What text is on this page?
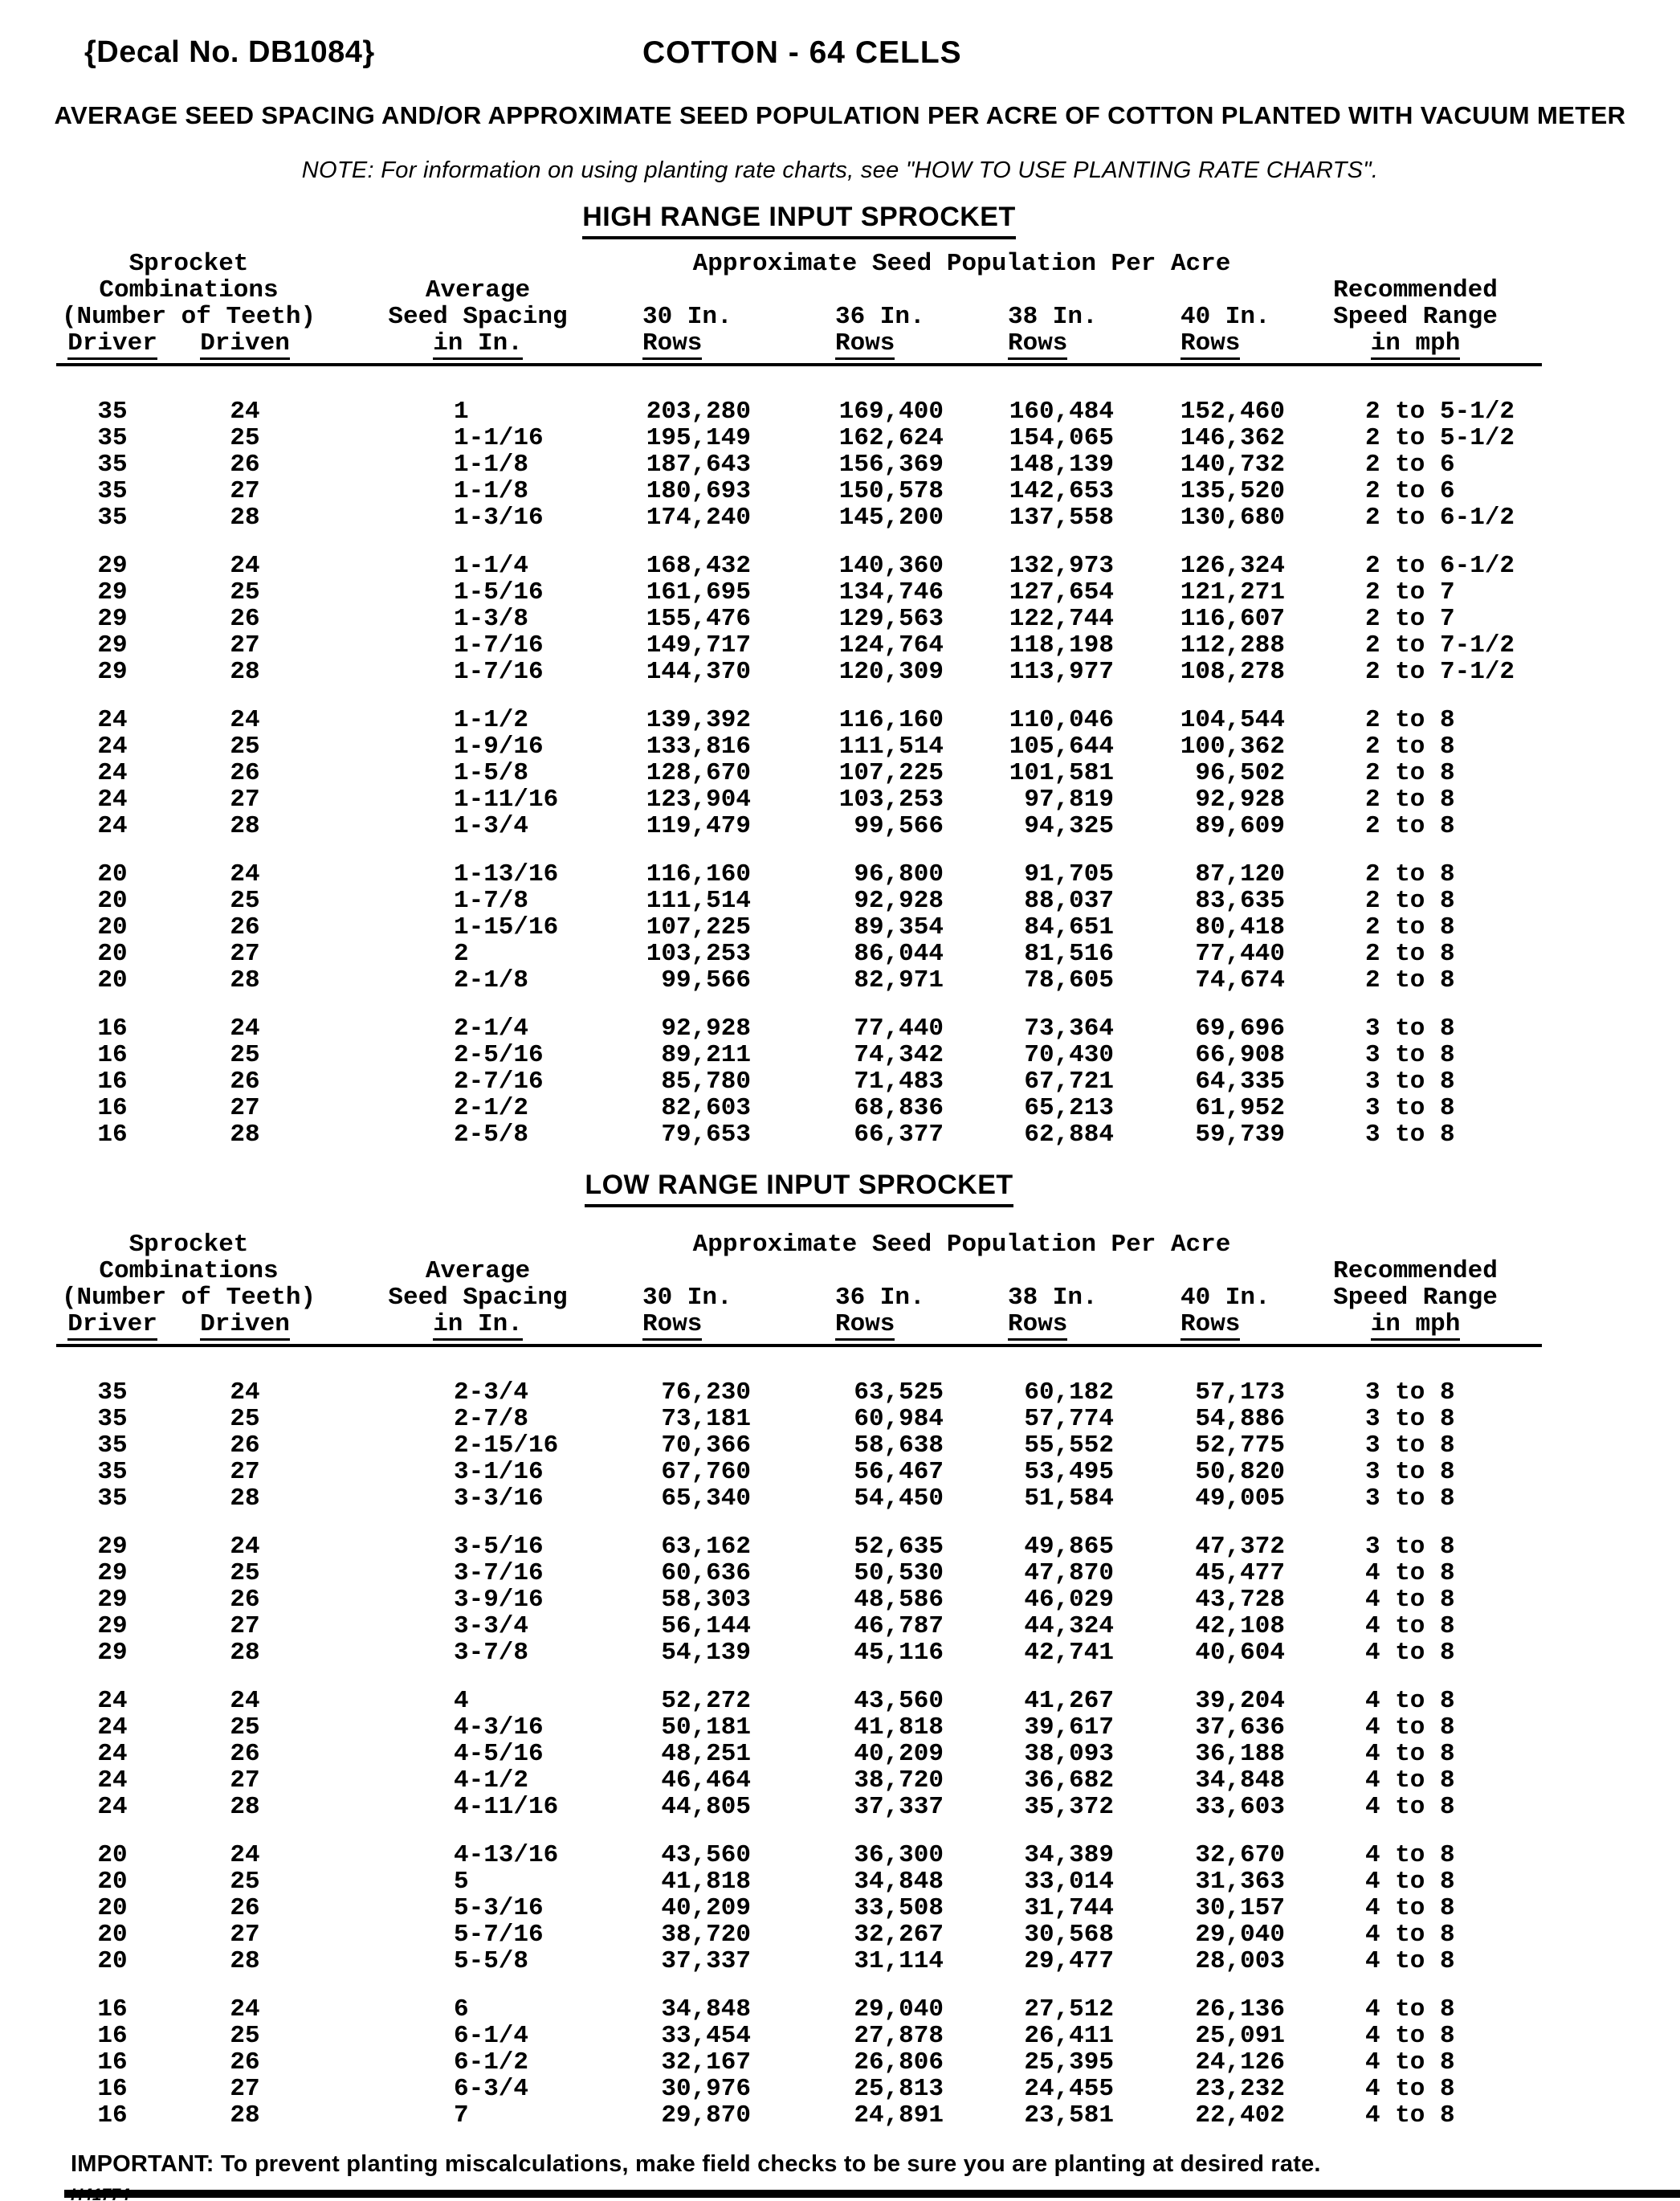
{Decal No. DB1084}	COTTON - 64 CELLS
AVERAGE SEED SPACING AND/OR APPROXIMATE SEED POPULATION PER ACRE OF COTTON PLANTED WITH VACUUM METER
NOTE: For information on using planting rate charts, see "HOW TO USE PLANTING RATE CHARTS".
HIGH RANGE INPUT SPROCKET
Sprocket	Approximate Seed Population Per Acre
Combinations	Average	Recommended
(Number of Teeth)	Seed Spacing	30 In.	36 In.	38 In.	40 In.	Speed Range
Driver	Driven	in In.	Rows	Rows	Rows	Rows	in mph
35	24	1	203,280	169,400	160,484	152,460	2 to 5-1/2
35	25	1-1/16	195,149	162,624	154,065	146,362	2 to 5-1/2
35	26	1-1/8	187,643	156,369	148,139	140,732	2 to 6
35	27	1-1/8	180,693	150,578	142,653	135,520	2 to 6
35	28	1-3/16	174,240	145,200	137,558	130,680	2 to 6-1/2
29	24	1-1/4	168,432	140,360	132,973	126,324	2 to 6-1/2
29	25	1-5/16	161,695	134,746	127,654	121,271	2 to 7
29	26	1-3/8	155,476	129,563	122,744	116,607	2 to 7
29	27	1-7/16	149,717	124,764	118,198	112,288	2 to 7-1/2
29	28	1-7/16	144,370	120,309	113,977	108,278	2 to 7-1/2
24	24	1-1/2	139,392	116,160	110,046	104,544	2 to 8
24	25	1-9/16	133,816	111,514	105,644	100,362	2 to 8
24	26	1-5/8	128,670	107,225	101,581	96,502	2 to 8
24	27	1-11/16	123,904	103,253	97,819	92,928	2 to 8
24	28	1-3/4	119,479	99,566	94,325	89,609	2 to 8
20	24	1-13/16	116,160	96,800	91,705	87,120	2 to 8
20	25	1-7/8	111,514	92,928	88,037	83,635	2 to 8
20	26	1-15/16	107,225	89,354	84,651	80,418	2 to 8
20	27	2	103,253	86,044	81,516	77,440	2 to 8
20	28	2-1/8	99,566	82,971	78,605	74,674	2 to 8
16	24	2-1/4	92,928	77,440	73,364	69,696	3 to 8
16	25	2-5/16	89,211	74,342	70,430	66,908	3 to 8
16	26	2-7/16	85,780	71,483	67,721	64,335	3 to 8
16	27	2-1/2	82,603	68,836	65,213	61,952	3 to 8
16	28	2-5/8	79,653	66,377	62,884	59,739	3 to 8
LOW RANGE INPUT SPROCKET
Sprocket	Approximate Seed Population Per Acre
Combinations	Average	Recommended
(Number of Teeth)	Seed Spacing	30 In.	36 In.	38 In.	40 In.	Speed Range
Driver	Driven	in In.	Rows	Rows	Rows	Rows	in mph
35	24	2-3/4	76,230	63,525	60,182	57,173	3 to 8
35	25	2-7/8	73,181	60,984	57,774	54,886	3 to 8
35	26	2-15/16	70,366	58,638	55,552	52,775	3 to 8
35	27	3-1/16	67,760	56,467	53,495	50,820	3 to 8
35	28	3-3/16	65,340	54,450	51,584	49,005	3 to 8
29	24	3-5/16	63,162	52,635	49,865	47,372	3 to 8
29	25	3-7/16	60,636	50,530	47,870	45,477	4 to 8
29	26	3-9/16	58,303	48,586	46,029	43,728	4 to 8
29	27	3-3/4	56,144	46,787	44,324	42,108	4 to 8
29	28	3-7/8	54,139	45,116	42,741	40,604	4 to 8
24	24	4	52,272	43,560	41,267	39,204	4 to 8
24	25	4-3/16	50,181	41,818	39,617	37,636	4 to 8
24	26	4-5/16	48,251	40,209	38,093	36,188	4 to 8
24	27	4-1/2	46,464	38,720	36,682	34,848	4 to 8
24	28	4-11/16	44,805	37,337	35,372	33,603	4 to 8
20	24	4-13/16	43,560	36,300	34,389	32,670	4 to 8
20	25	5	41,818	34,848	33,014	31,363	4 to 8
20	26	5-3/16	40,209	33,508	31,744	30,157	4 to 8
20	27	5-7/16	38,720	32,267	30,568	29,040	4 to 8
20	28	5-5/8	37,337	31,114	29,477	28,003	4 to 8
16	24	6	34,848	29,040	27,512	26,136	4 to 8
16	25	6-1/4	33,454	27,878	26,411	25,091	4 to 8
16	26	6-1/2	32,167	26,806	25,395	24,126	4 to 8
16	27	6-3/4	30,976	25,813	24,455	23,232	4 to 8
16	28	7	29,870	24,891	23,581	22,402	4 to 8
IMPORTANT: To prevent planting miscalculations, make field checks to be sure you are planting at desired rate.
